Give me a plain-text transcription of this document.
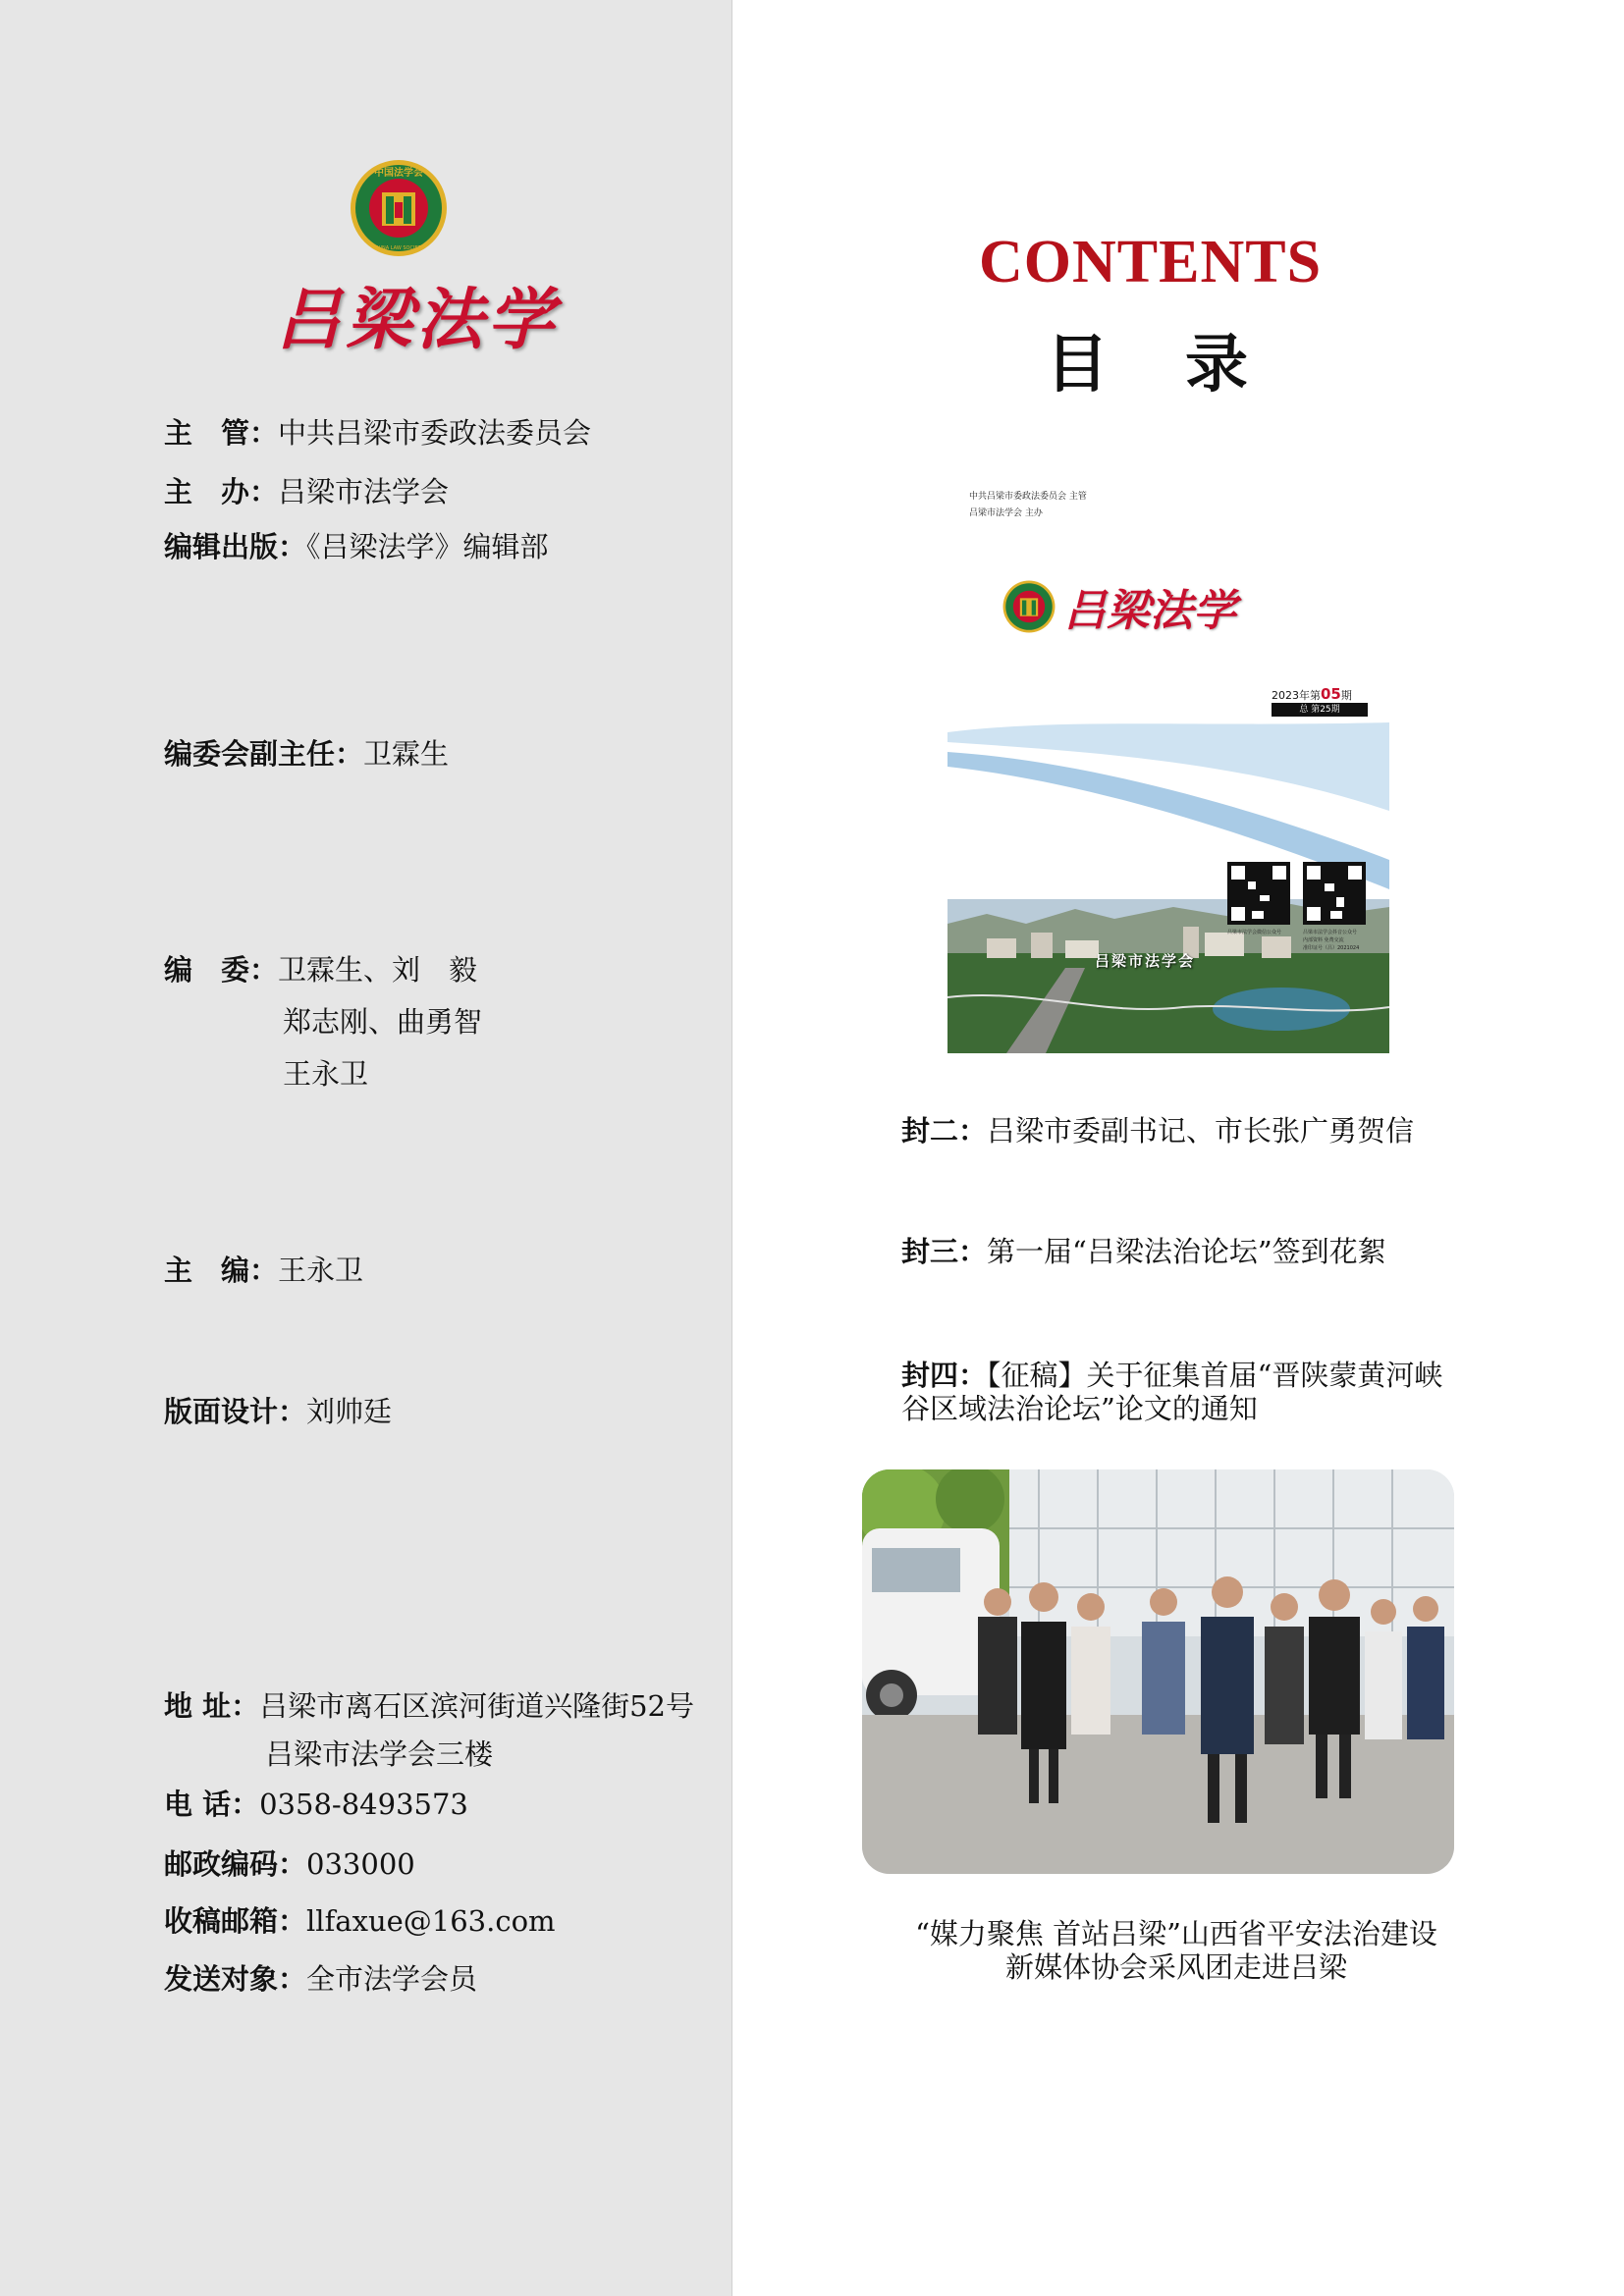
中国法学会
CHINA LAW SOCIETY
吕梁法学
主　管：中共吕梁市委政法委员会
主　办：吕梁市法学会
编辑出版：《吕梁法学》编辑部
编委会副主任：卫霖生
编　委：卫霖生、刘　毅
郑志刚、曲勇智
王永卫
主　编：王永卫
版面设计：刘帅廷
地 址：吕梁市离石区滨河街道兴隆街52号
吕梁市法学会三楼
电 话：0358-8493573
邮政编码：033000
收稿邮箱：llfaxue@163.com
发送对象：全市法学会员
CONTENTS
目录
中共吕梁市委政法委员会 主管
吕梁市法学会 主办
吕梁法学
2023年第05期
总 第25期
吕梁市法学会微信公众号	吕梁市法学会抖音公众号
内部资料 免费交流
准印证号（吕）2021024
吕梁市法学会
封二：吕梁市委副书记、市长张广勇贺信
封三：第一届“吕梁法治论坛”签到花絮
封四：【征稿】关于征集首届“晋陕蒙黄河峡谷区域法治论坛”论文的通知
“媒力聚焦 首站吕梁”山西省平安法治建设新媒体协会采风团走进吕梁
